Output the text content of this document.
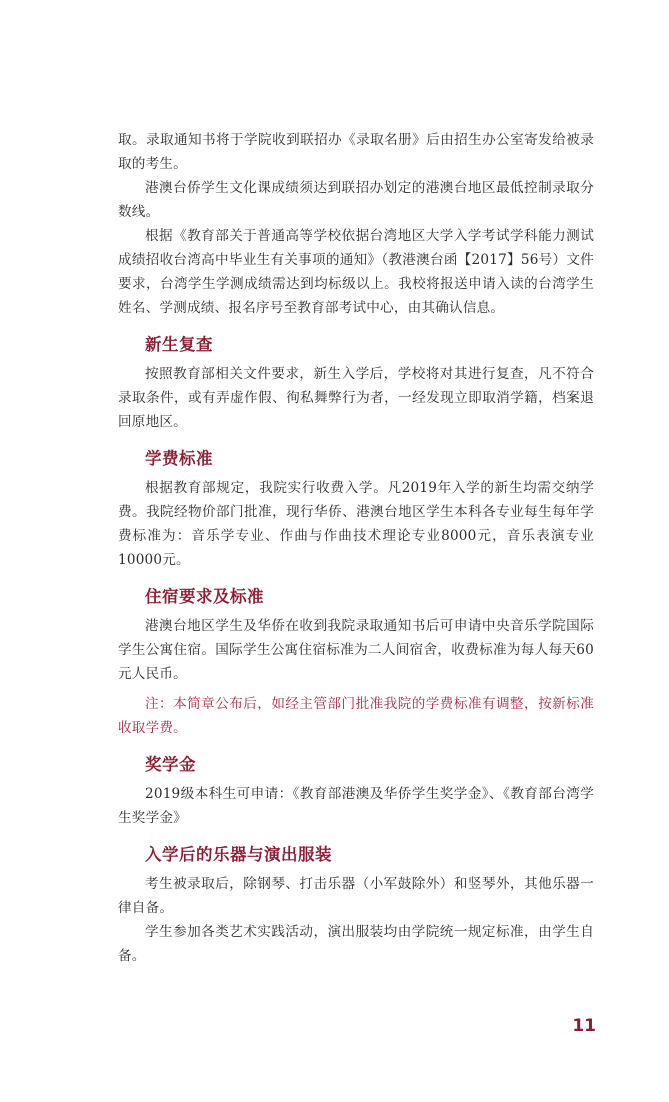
取。录取通知书将于学院收到联招办《录取名册》后由招生办公室寄发给被录取的考生。

港澳台侨学生文化课成绩须达到联招办划定的港澳台地区最低控制录取分数线。

根据《教育部关于普通高等学校依据台湾地区大学入学考试学科能力测试成绩招收台湾高中毕业生有关事项的通知》（教港澳台函【2017】56号）文件要求，台湾学生学测成绩需达到均标级以上。我校将报送申请入读的台湾学生姓名、学测成绩、报名序号至教育部考试中心，由其确认信息。

新生复查

按照教育部相关文件要求，新生入学后，学校将对其进行复查，凡不符合录取条件，或有弄虚作假、徇私舞弊行为者，一经发现立即取消学籍，档案退回原地区。

学费标准

根据教育部规定，我院实行收费入学。凡2019年入学的新生均需交纳学费。我院经物价部门批准，现行华侨、港澳台地区学生本科各专业每生每年学费标准为：音乐学专业、作曲与作曲技术理论专业8000元，音乐表演专业10000元。

住宿要求及标准

港澳台地区学生及华侨在收到我院录取通知书后可申请中央音乐学院国际学生公寓住宿。国际学生公寓住宿标准为二人间宿舍，收费标准为每人每天60元人民币。

注：本简章公布后，如经主管部门批准我院的学费标准有调整，按新标准收取学费。

奖学金

2019级本科生可申请：《教育部港澳及华侨学生奖学金》、《教育部台湾学生奖学金》

入学后的乐器与演出服装

考生被录取后，除钢琴、打击乐器（小军鼓除外）和竖琴外，其他乐器一律自备。

学生参加各类艺术实践活动，演出服装均由学院统一规定标准，由学生自备。

11
